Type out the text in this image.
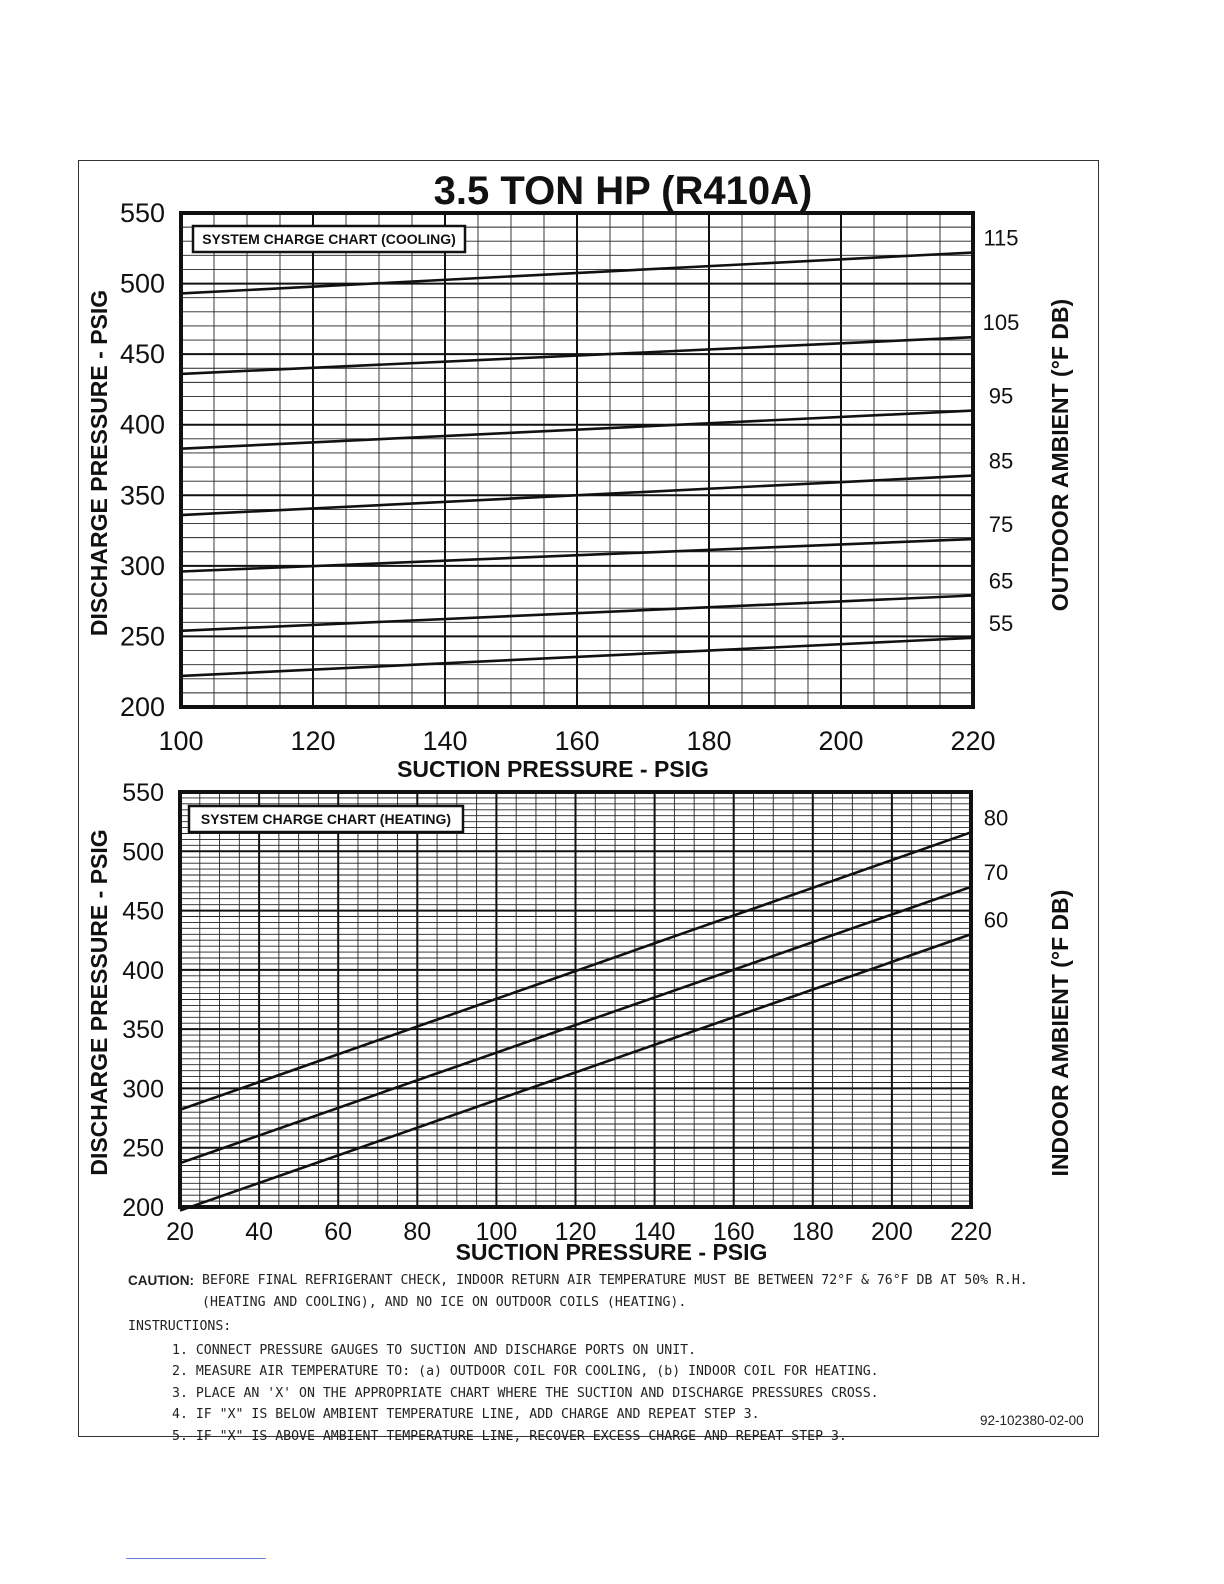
3.5 TON HP (R410A)
SYSTEM CHARGE CHART (COOLING)	115
105
95
85
75
65
55
100	120	140	160	180	200	220
200
250
300
350
400
450
500
550
SUCTION PRESSURE - PSIG
DISCHARGE PRESSURE - PSIG	OUTDOOR AMBIENT (°F DB)
SYSTEM CHARGE CHART (HEATING)	80
70
60
20 40 60 80 100 120 140 160 180 200 220
200
250
300
350
400
450
500
550
SUCTION PRESSURE - PSIG
DISCHARGE PRESSURE - PSIG	INDOOR AMBIENT (°F DB)
CAUTION: BEFORE FINAL REFRIGERANT CHECK, INDOOR RETURN AIR TEMPERATURE MUST BE BETWEEN 72°F & 76°F DB AT 50% R.H. (HEATING AND COOLING), AND NO ICE ON OUTDOOR COILS (HEATING).
INSTRUCTIONS:
1. CONNECT PRESSURE GAUGES TO SUCTION AND DISCHARGE PORTS ON UNIT.
2. MEASURE AIR TEMPERATURE TO: (a) OUTDOOR COIL FOR COOLING, (b) INDOOR COIL FOR HEATING.
3. PLACE AN 'X' ON THE APPROPRIATE CHART WHERE THE SUCTION AND DISCHARGE PRESSURES CROSS.
4. IF "X" IS BELOW AMBIENT TEMPERATURE LINE, ADD CHARGE AND REPEAT STEP 3.
5. IF "X" IS ABOVE AMBIENT TEMPERATURE LINE, RECOVER EXCESS CHARGE AND REPEAT STEP 3.
92-102380-02-00
